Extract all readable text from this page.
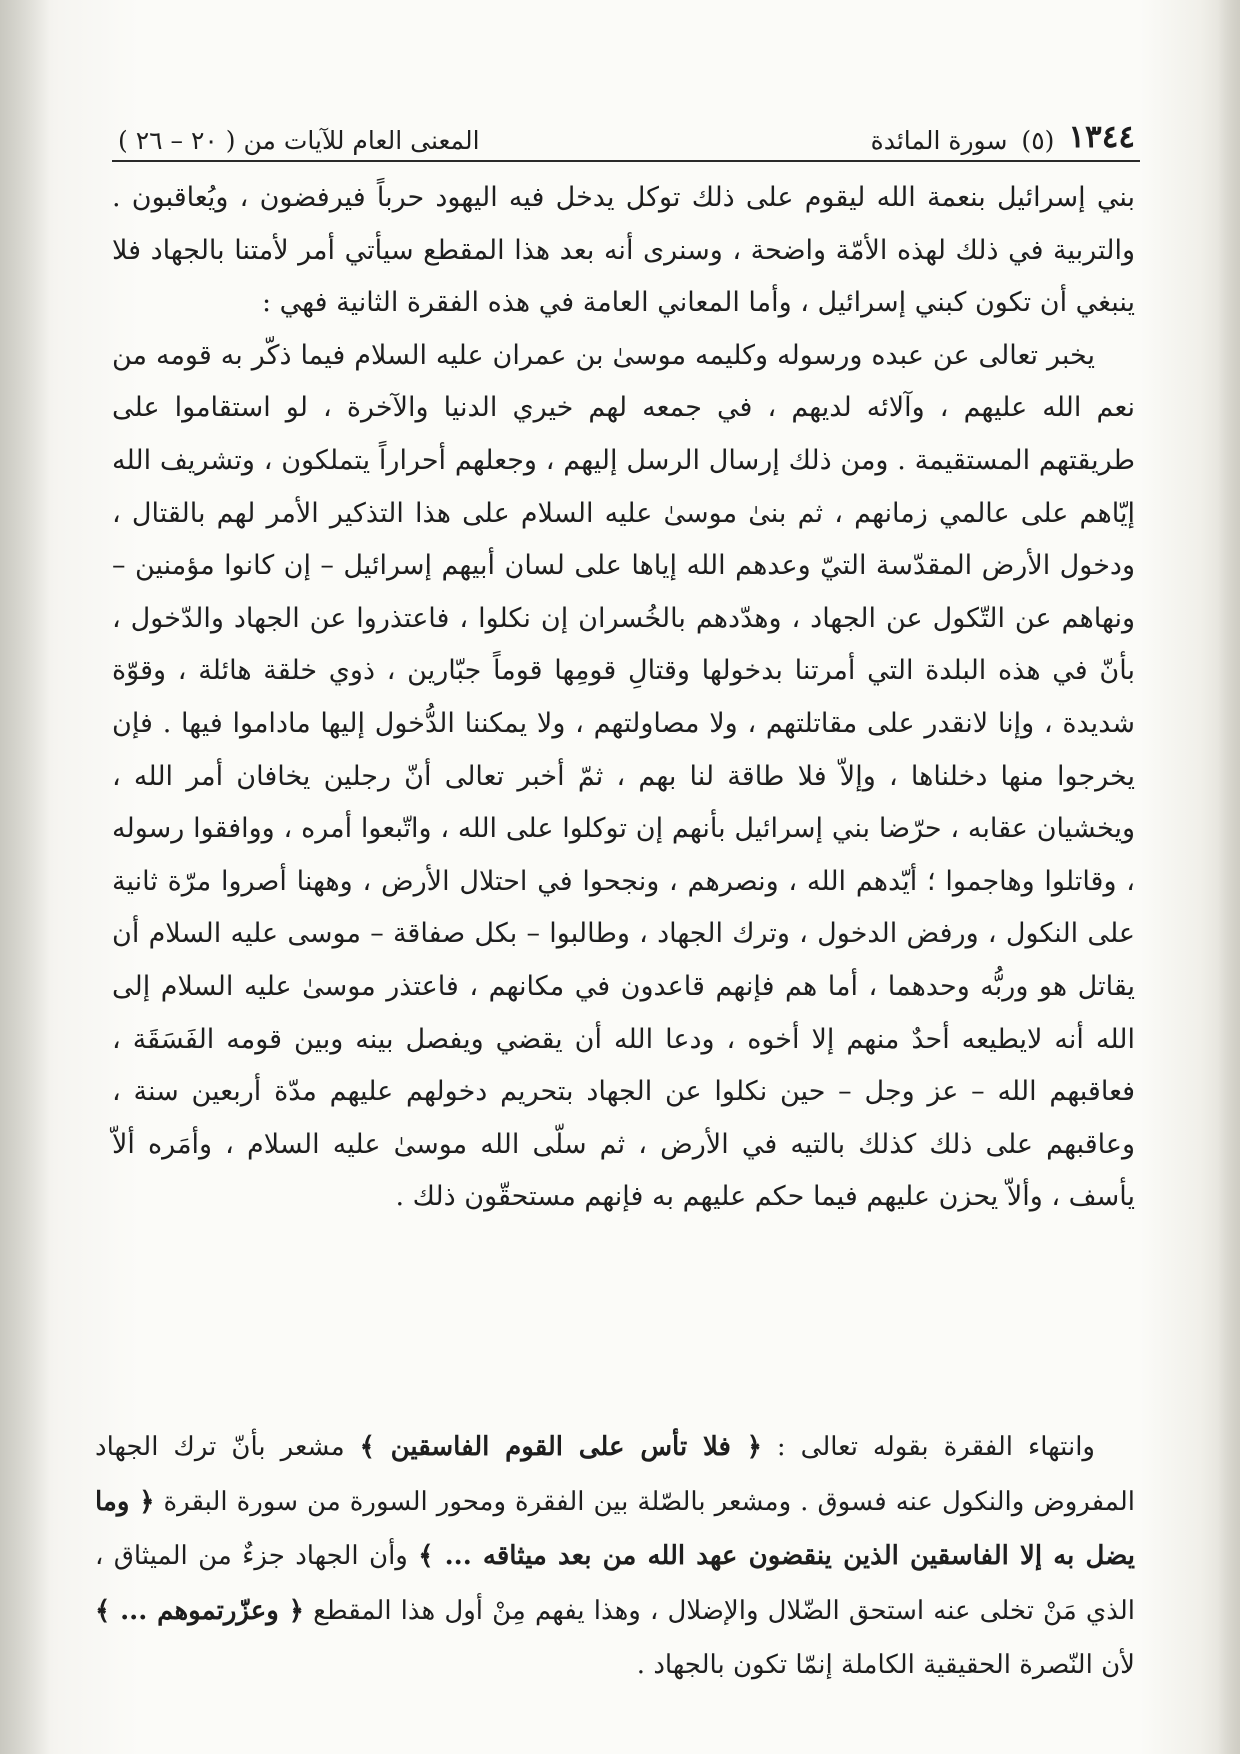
١٣٤٤
(٥)
سورة المائدة
المعنى العام للآيات من ( ٢٠ – ٢٦ )

بني إسرائيل بنعمة الله ليقوم على ذلك توكل يدخل فيه اليهود حرباً فيرفضون ، ويُعاقبون . والتربية في ذلك لهذه الأمّة واضحة ، وسنرى أنه بعد هذا المقطع سيأتي أمر لأمتنا بالجهاد فلا ينبغي أن تكون كبني إسرائيل ، وأما المعاني العامة في هذه الفقرة الثانية فهي :

يخبر تعالى عن عبده ورسوله وكليمه موسىٰ بن عمران عليه السلام فيما ذكّر به قومه من نعم الله عليهم ، وآلائه لديهم ، في جمعه لهم خيري الدنيا والآخرة ، لو استقاموا على طريقتهم المستقيمة . ومن ذلك إرسال الرسل إليهم ، وجعلهم أحراراً يتملكون ، وتشريف الله إيّاهم على عالمي زمانهم ، ثم بنىٰ موسىٰ عليه السلام على هذا التذكير الأمر لهم بالقتال ، ودخول الأرض المقدّسة التيّ وعدهم الله إياها على لسان أبيهم إسرائيل – إن كانوا مؤمنين – ونهاهم عن التّكول عن الجهاد ، وهدّدهم بالخُسران إن نكلوا ، فاعتذروا عن الجهاد والدّخول ، بأنّ في هذه البلدة التي أمرتنا بدخولها وقتالِ قومِها قوماً جبّارين ، ذوي خلقة هائلة ، وقوّة شديدة ، وإنا لانقدر على مقاتلتهم ، ولا مصاولتهم ، ولا يمكننا الدُّخول إليها ماداموا فيها . فإن يخرجوا منها دخلناها ، وإلاّ فلا طاقة لنا بهم ، ثمّ أخبر تعالى أنّ رجلين يخافان أمر الله ، ويخشيان عقابه ، حرّضا بني إسرائيل بأنهم إن توكلوا على الله ، واتّبعوا أمره ، ووافقوا رسوله ، وقاتلوا وهاجموا ؛ أيّدهم الله ، ونصرهم ، ونجحوا في احتلال الأرض ، وههنا أصروا مرّة ثانية على النكول ، ورفض الدخول ، وترك الجهاد ، وطالبوا – بكل صفاقة – موسى عليه السلام أن يقاتل هو وربُّه وحدهما ، أما هم فإنهم قاعدون في مكانهم ، فاعتذر موسىٰ عليه السلام إلى الله أنه لايطيعه أحدٌ منهم إلا أخوه ، ودعا الله أن يقضي ويفصل بينه وبين قومه الفَسَقَة ، فعاقبهم الله – عز وجل – حين نكلوا عن الجهاد بتحريم دخولهم عليهم مدّة أربعين سنة ، وعاقبهم على ذلك كذلك بالتيه في الأرض ، ثم سلّى الله موسىٰ عليه السلام ، وأمَره ألاّ يأسف ، وألاّ يحزن عليهم فيما حكم عليهم به فإنهم مستحقّون ذلك .

وانتهاء الفقرة بقوله تعالى : ﴿ فلا تأس على القوم الفاسقين ﴾ مشعر بأنّ ترك الجهاد المفروض والنكول عنه فسوق . ومشعر بالصّلة بين الفقرة ومحور السورة من سورة البقرة ﴿ وما يضل به إلا الفاسقين الذين ينقضون عهد الله من بعد ميثاقه ... ﴾ وأن الجهاد جزءٌ من الميثاق ، الذي مَنْ تخلى عنه استحق الضّلال والإضلال ، وهذا يفهم مِنْ أول هذا المقطع ﴿ وعزّرتموهم ... ﴾ لأن النّصرة الحقيقية الكاملة إنمّا تكون بالجهاد .
